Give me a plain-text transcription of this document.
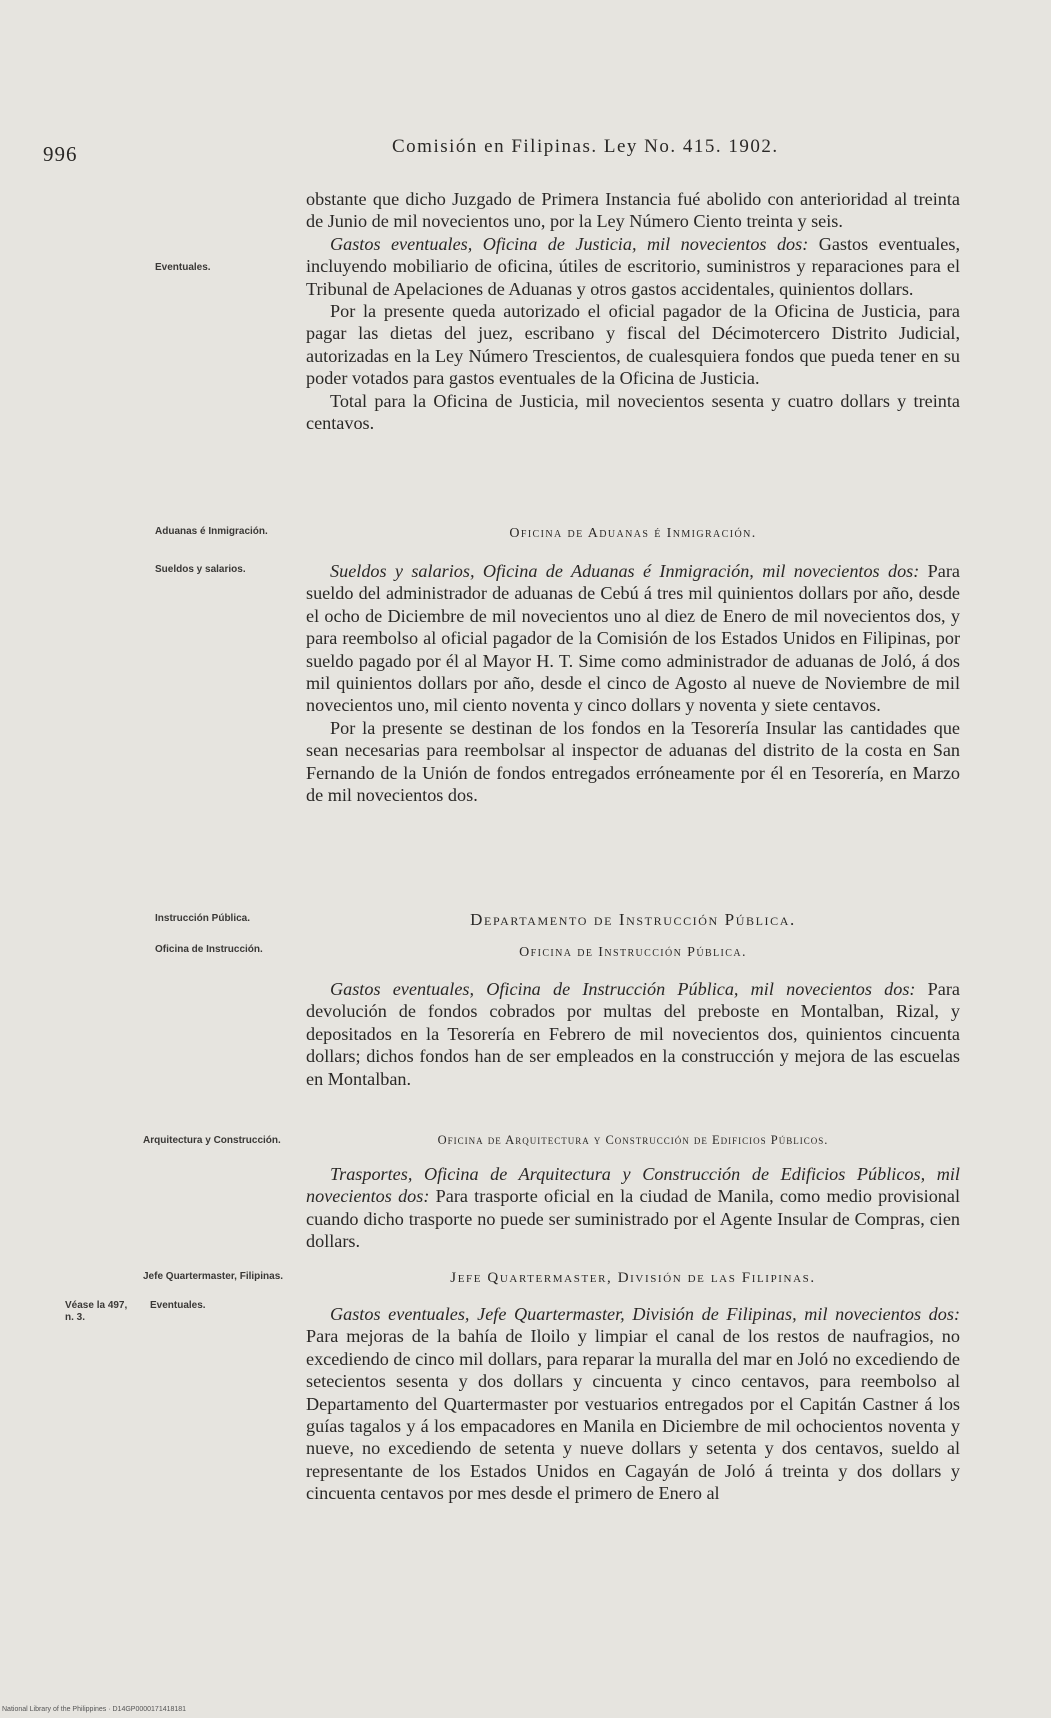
996	Comisión en Filipinas. Ley No. 415. 1902.
Eventuales.
Aduanas é Inmigración.
Sueldos y salarios.
Instrucción Pública.
Oficina de Instrucción.
Arquitectura y Construcción.
Jefe Quartermaster, Filipinas.
Véase la 497, n. 3.
Eventuales.

obstante que dicho Juzgado de Primera Instancia fué abolido con anterioridad al treinta de Junio de mil novecientos uno, por la Ley Número Ciento treinta y seis.

Gastos eventuales, Oficina de Justicia, mil novecientos dos: Gastos eventuales, incluyendo mobiliario de oficina, útiles de escritorio, suministros y reparaciones para el Tribunal de Apelaciones de Aduanas y otros gastos accidentales, quinientos dollars.

Por la presente queda autorizado el oficial pagador de la Oficina de Justicia, para pagar las dietas del juez, escribano y fiscal del Décimotercero Distrito Judicial, autorizadas en la Ley Número Trescientos, de cualesquiera fondos que pueda tener en su poder votados para gastos eventuales de la Oficina de Justicia.

Total para la Oficina de Justicia, mil novecientos sesenta y cuatro dollars y treinta centavos.

Oficina de Aduanas é Inmigración.

Sueldos y salarios, Oficina de Aduanas é Inmigración, mil novecientos dos: Para sueldo del administrador de aduanas de Cebú á tres mil quinientos dollars por año, desde el ocho de Diciembre de mil novecientos uno al diez de Enero de mil novecientos dos, y para reembolso al oficial pagador de la Comisión de los Estados Unidos en Filipinas, por sueldo pagado por él al Mayor H. T. Sime como administrador de aduanas de Joló, á dos mil quinientos dollars por año, desde el cinco de Agosto al nueve de Noviembre de mil novecientos uno, mil ciento noventa y cinco dollars y noventa y siete centavos.

Por la presente se destinan de los fondos en la Tesorería Insular las cantidades que sean necesarias para reembolsar al inspector de aduanas del distrito de la costa en San Fernando de la Unión de fondos entregados erróneamente por él en Tesorería, en Marzo de mil novecientos dos.

Departamento de Instrucción Pública.
Oficina de Instrucción Pública.

Gastos eventuales, Oficina de Instrucción Pública, mil novecientos dos: Para devolución de fondos cobrados por multas del preboste en Montalban, Rizal, y depositados en la Tesorería en Febrero de mil novecientos dos, quinientos cincuenta dollars; dichos fondos han de ser empleados en la construcción y mejora de las escuelas en Montalban.

Oficina de Arquitectura y Construcción de Edificios Públicos.

Trasportes, Oficina de Arquitectura y Construcción de Edificios Públicos, mil novecientos dos: Para trasporte oficial en la ciudad de Manila, como medio provisional cuando dicho trasporte no puede ser suministrado por el Agente Insular de Compras, cien dollars.

Jefe Quartermaster, División de las Filipinas.

Gastos eventuales, Jefe Quartermaster, División de Filipinas, mil novecientos dos: Para mejoras de la bahía de Iloilo y limpiar el canal de los restos de naufragios, no excediendo de cinco mil dollars, para reparar la muralla del mar en Joló no excediendo de setecientos sesenta y dos dollars y cincuenta y cinco centavos, para reembolso al Departamento del Quartermaster por vestuarios entregados por el Capitán Castner á los guías tagalos y á los empacadores en Manila en Diciembre de mil ochocientos noventa y nueve, no excediendo de setenta y nueve dollars y setenta y dos centavos, sueldo al representante de los Estados Unidos en Cagayán de Joló á treinta y dos dollars y cincuenta centavos por mes desde el primero de Enero al

National Library of the Philippines · D14GP0000171418181
